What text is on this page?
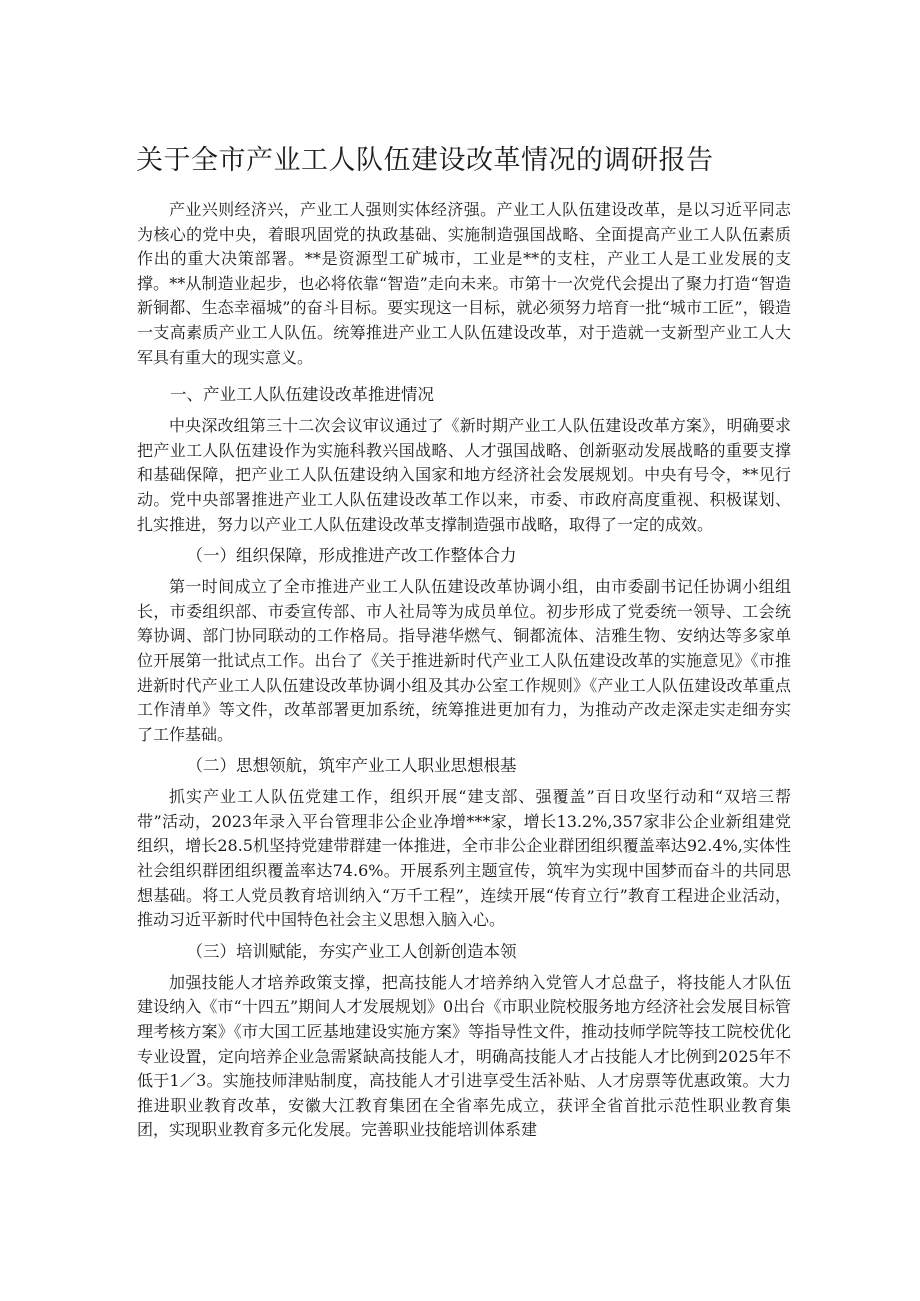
关于全市产业工人队伍建设改革情况的调研报告

产业兴则经济兴，产业工人强则实体经济强。产业工人队伍建设改革，是以习近平同志为核心的党中央，着眼巩固党的执政基础、实施制造强国战略、全面提高产业工人队伍素质作出的重大决策部署。**是资源型工矿城市，工业是**的支柱，产业工人是工业发展的支撑。**从制造业起步，也必将依靠“智造”走向未来。市第十一次党代会提出了聚力打造“智造新铜都、生态幸福城”的奋斗目标。要实现这一目标，就必须努力培育一批“城市工匠”，锻造一支高素质产业工人队伍。统筹推进产业工人队伍建设改革，对于造就一支新型产业工人大军具有重大的现实意义。

一、产业工人队伍建设改革推进情况

中央深改组第三十二次会议审议通过了《新时期产业工人队伍建设改革方案》，明确要求把产业工人队伍建设作为实施科教兴国战略、人才强国战略、创新驱动发展战略的重要支撑和基础保障，把产业工人队伍建设纳入国家和地方经济社会发展规划。中央有号令，**见行动。党中央部署推进产业工人队伍建设改革工作以来，市委、市政府高度重视、积极谋划、扎实推进，努力以产业工人队伍建设改革支撑制造强市战略，取得了一定的成效。

（一）组织保障，形成推进产改工作整体合力

第一时间成立了全市推进产业工人队伍建设改革协调小组，由市委副书记任协调小组组长，市委组织部、市委宣传部、市人社局等为成员单位。初步形成了党委统一领导、工会统筹协调、部门协同联动的工作格局。指导港华燃气、铜都流体、洁雅生物、安纳达等多家单位开展第一批试点工作。出台了《关于推进新时代产业工人队伍建设改革的实施意见》《市推进新时代产业工人队伍建设改革协调小组及其办公室工作规则》《产业工人队伍建设改革重点工作清单》等文件，改革部署更加系统，统筹推进更加有力，为推动产改走深走实走细夯实了工作基础。

（二）思想领航，筑牢产业工人职业思想根基

抓实产业工人队伍党建工作，组织开展“建支部、强覆盖”百日攻坚行动和“双培三帮带”活动，2023年录入平台管理非公企业净增***家，增长13.2%,357家非公企业新组建党组织，增长28.5机坚持党建带群建一体推进，全市非公企业群团组织覆盖率达92.4%,实体性社会组织群团组织覆盖率达74.6%。开展系列主题宣传，筑牢为实现中国梦而奋斗的共同思想基础。将工人党员教育培训纳入“万千工程”，连续开展“传育立行”教育工程进企业活动，推动习近平新时代中国特色社会主义思想入脑入心。

（三）培训赋能，夯实产业工人创新创造本领

加强技能人才培养政策支撑，把高技能人才培养纳入党管人才总盘子，将技能人才队伍建设纳入《市“十四五”期间人才发展规划》0出台《市职业院校服务地方经济社会发展目标管理考核方案》《市大国工匠基地建设实施方案》等指导性文件，推动技师学院等技工院校优化专业设置，定向培养企业急需紧缺高技能人才，明确高技能人才占技能人才比例到2025年不低于1／3。实施技师津贴制度，高技能人才引进享受生活补贴、人才房票等优惠政策。大力推进职业教育改革，安徽大江教育集团在全省率先成立，获评全省首批示范性职业教育集团，实现职业教育多元化发展。完善职业技能培训体系建
